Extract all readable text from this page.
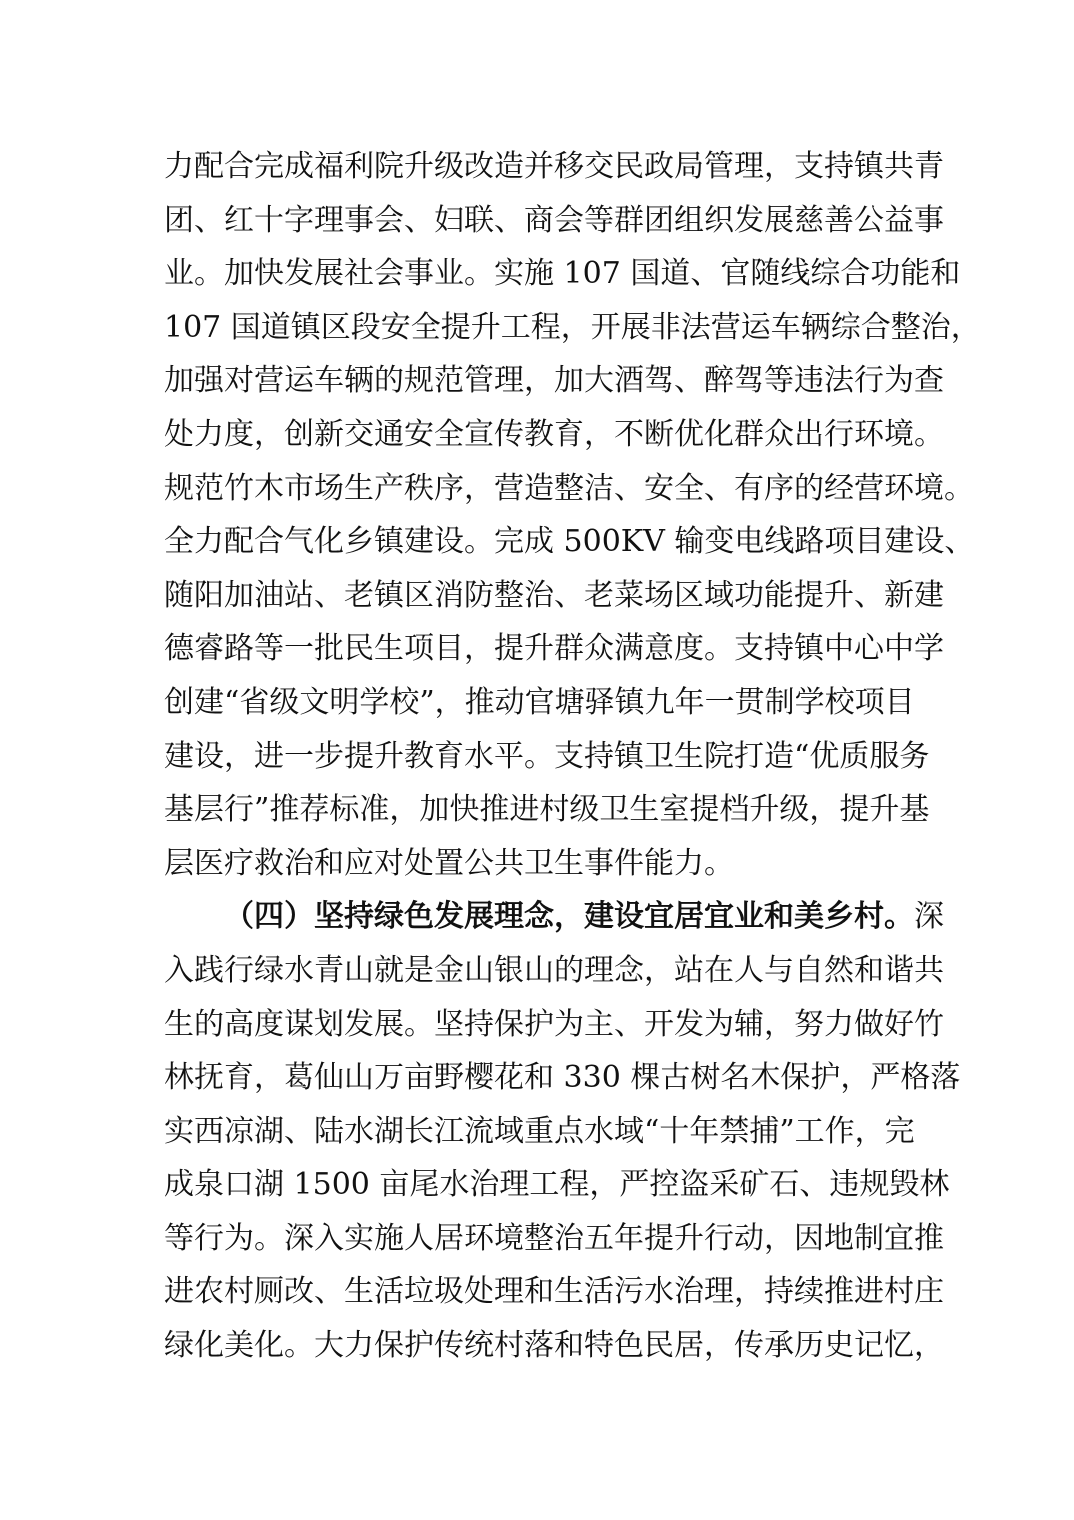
力配合完成福利院升级改造并移交民政局管理，支持镇共青
团、红十字理事会、妇联、商会等群团组织发展慈善公益事
业。加快发展社会事业。实施 107 国道、官随线综合功能和
107 国道镇区段安全提升工程，开展非法营运车辆综合整治，
加强对营运车辆的规范管理，加大酒驾、醉驾等违法行为查
处力度，创新交通安全宣传教育，不断优化群众出行环境。
规范竹木市场生产秩序，营造整洁、安全、有序的经营环境。
全力配合气化乡镇建设。完成 500KV 输变电线路项目建设、
随阳加油站、老镇区消防整治、老菜场区域功能提升、新建
德睿路等一批民生项目，提升群众满意度。支持镇中心中学
创建“省级文明学校”，推动官塘驿镇九年一贯制学校项目
建设，进一步提升教育水平。支持镇卫生院打造“优质服务
基层行”推荐标准，加快推进村级卫生室提档升级，提升基
层医疗救治和应对处置公共卫生事件能力。
（四）坚持绿色发展理念，建设宜居宜业和美乡村。深
入践行绿水青山就是金山银山的理念，站在人与自然和谐共
生的高度谋划发展。坚持保护为主、开发为辅，努力做好竹
林抚育，葛仙山万亩野樱花和 330 棵古树名木保护，严格落
实西凉湖、陆水湖长江流域重点水域“十年禁捕”工作，完
成泉口湖 1500 亩尾水治理工程，严控盗采矿石、违规毁林
等行为。深入实施人居环境整治五年提升行动，因地制宜推
进农村厕改、生活垃圾处理和生活污水治理，持续推进村庄
绿化美化。大力保护传统村落和特色民居，传承历史记忆，
